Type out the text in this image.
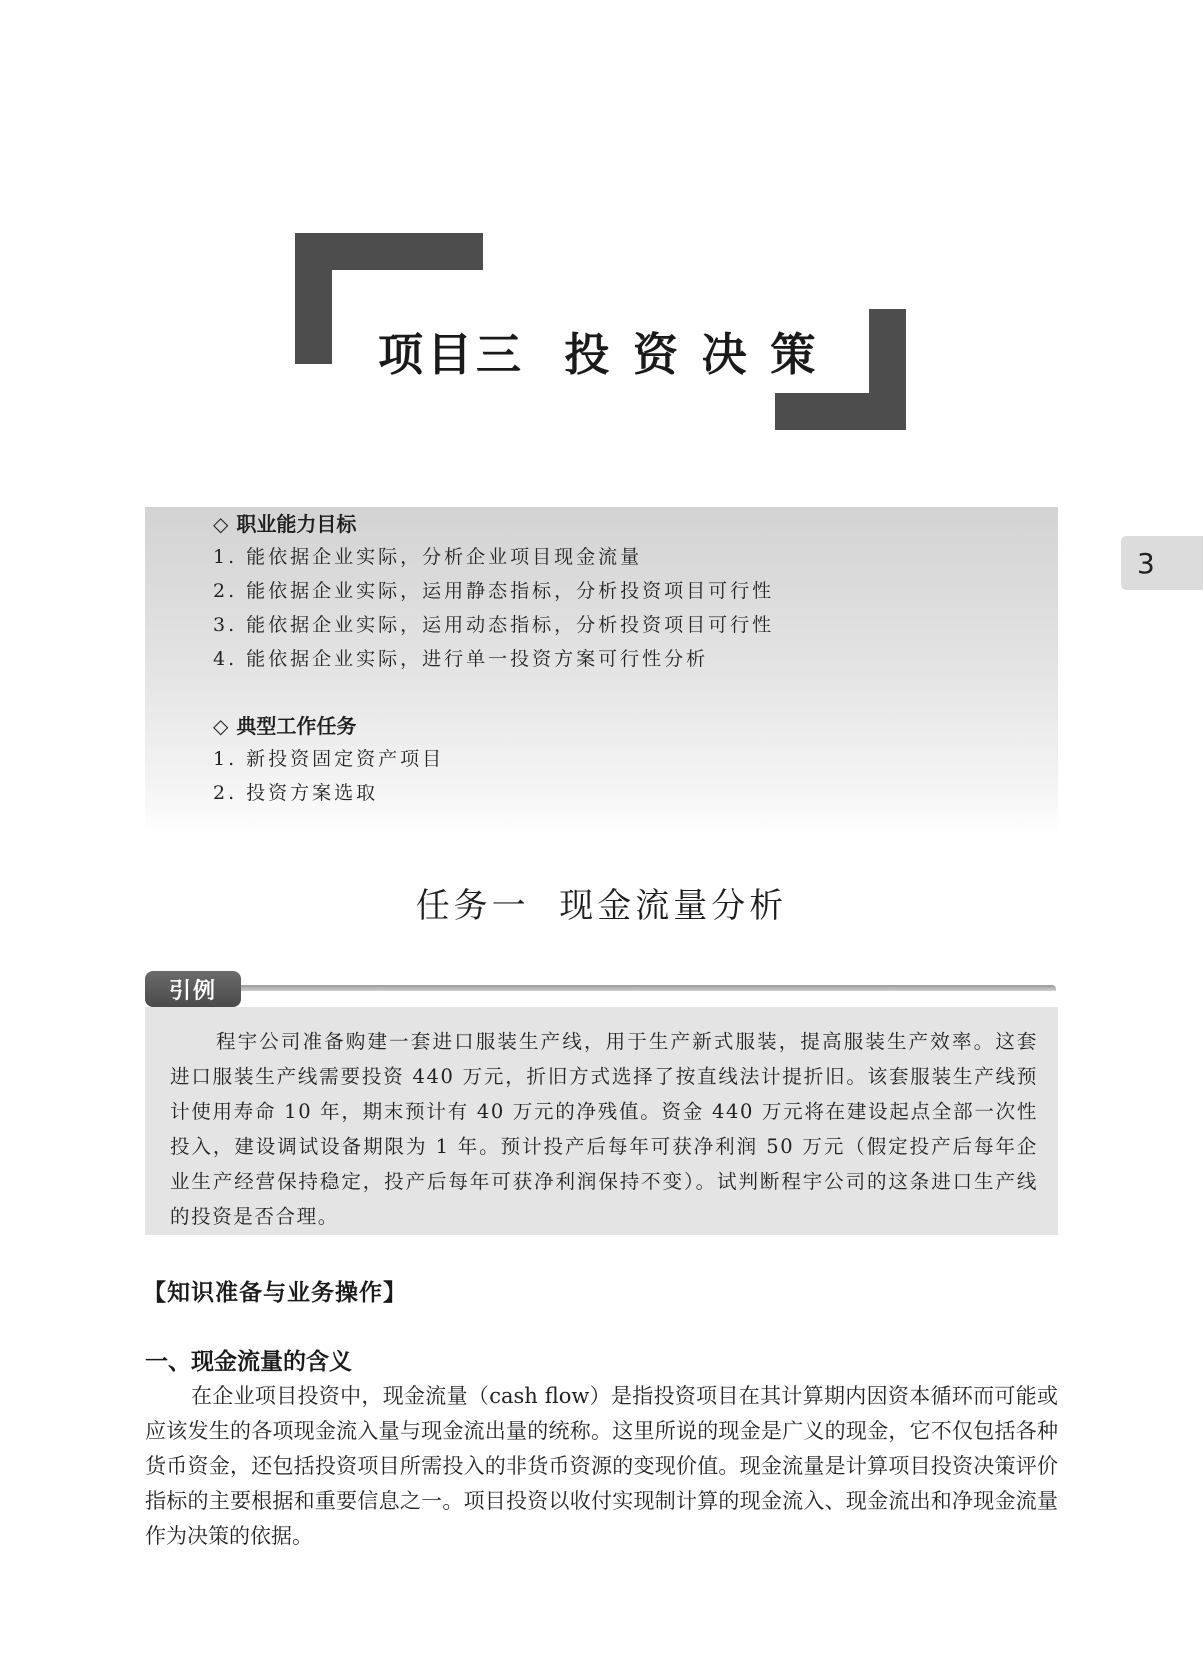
项目三  投 资 决 策
3
◇ 职业能力目标
1. 能依据企业实际，分析企业项目现金流量
2. 能依据企业实际，运用静态指标，分析投资项目可行性
3. 能依据企业实际，运用动态指标，分析投资项目可行性
4. 能依据企业实际，进行单一投资方案可行性分析
◇ 典型工作任务
1. 新投资固定资产项目
2. 投资方案选取
任务一  现金流量分析
引例
程宇公司准备购建一套进口服装生产线，用于生产新式服装，提高服装生产效率。这套进口服装生产线需要投资 440 万元，折旧方式选择了按直线法计提折旧。该套服装生产线预计使用寿命 10 年，期末预计有 40 万元的净残值。资金 440 万元将在建设起点全部一次性投入，建设调试设备期限为 1 年。预计投产后每年可获净利润 50 万元（假定投产后每年企业生产经营保持稳定，投产后每年可获净利润保持不变）。试判断程宇公司的这条进口生产线的投资是否合理。
【知识准备与业务操作】
一、现金流量的含义
在企业项目投资中，现金流量（cash flow）是指投资项目在其计算期内因资本循环而可能或应该发生的各项现金流入量与现金流出量的统称。这里所说的现金是广义的现金，它不仅包括各种货币资金，还包括投资项目所需投入的非货币资源的变现价值。现金流量是计算项目投资决策评价指标的主要根据和重要信息之一。项目投资以收付实现制计算的现金流入、现金流出和净现金流量作为决策的依据。
